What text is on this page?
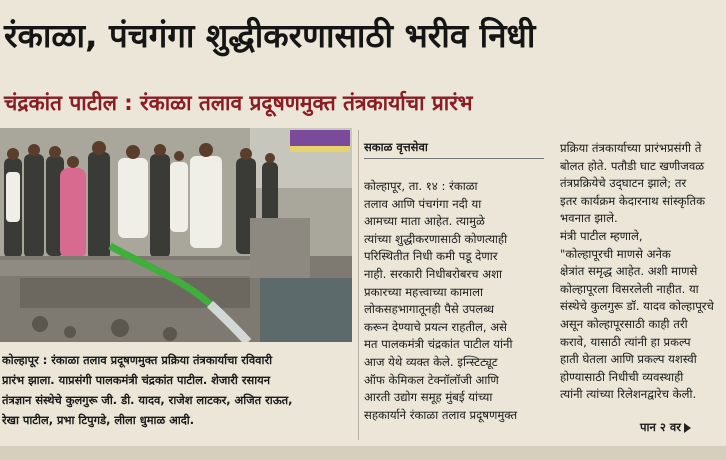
रंकाळा, पंचगंगा शुद्धीकरणासाठी भरीव निधी
चंद्रकांत पाटील : रंकाळा तलाव प्रदूषणमुक्त तंत्रकार्याचा प्रारंभ
कोल्हापूर : रंकाळा तलाव प्रदूषणमुक्त प्रक्रिया तंत्रकार्याचा रविवारी
प्रारंभ झाला. याप्रसंगी पालकमंत्री चंद्रकांत पाटील. शेजारी रसायन
तंत्रज्ञान संस्थेचे कुलगुरू जी. डी. यादव, राजेश लाटकर, अजित राऊत,
रेखा पाटील, प्रभा टिपुगडे, लीला धुमाळ आदी.
सकाळ वृत्तसेवा
कोल्हापूर, ता. १४ : रंकाळा
तलाव आणि पंचगंगा नदी या
आमच्या माता आहेत. त्यामुळे
त्यांच्या शुद्धीकरणासाठी कोणत्याही
परिस्थितीत निधी कमी पडू देणार
नाही. सरकारी निधीबरोबरच अशा
प्रकारच्या महत्त्वाच्या कामाला
लोकसहभागातूनही पैसे उपलब्ध
करून देण्याचे प्रयत्न राहतील, असे
मत पालकमंत्री चंद्रकांत पाटील यांनी
आज येथे व्यक्त केले. इन्स्टिट्यूट
ऑफ केमिकल टेक्नॉलॉजी आणि
आरती उद्योग समूह मुंबई यांच्या
सहकार्याने रंकाळा तलाव प्रदूषणमुक्त
प्रक्रिया तंत्रकार्याच्या प्रारंभप्रसंगी ते
बोलत होते. पतौडी घाट खणीजवळ
तंत्रप्रक्रियेचे उद्‍घाटन झाले; तर
इतर कार्यक्रम केदारनाथ सांस्कृतिक
भवनात झाले.
मंत्री पाटील म्हणाले,
"कोल्हापूरची माणसे अनेक
क्षेत्रांत समृद्ध आहेत. अशी माणसे
कोल्हापूरला विसरलेली नाहीत. या
संस्थेचे कुलगुरू डॉ. यादव कोल्हापूरचे
असून कोल्हापूरसाठी काही तरी
करावे, यासाठी त्यांनी हा प्रकल्प
हाती घेतला आणि प्रकल्प यशस्वी
होण्यासाठी निधीची व्यवस्थाही
त्यांनी त्यांच्या रिलेशनद्वारेच केली.
पान २ वर
